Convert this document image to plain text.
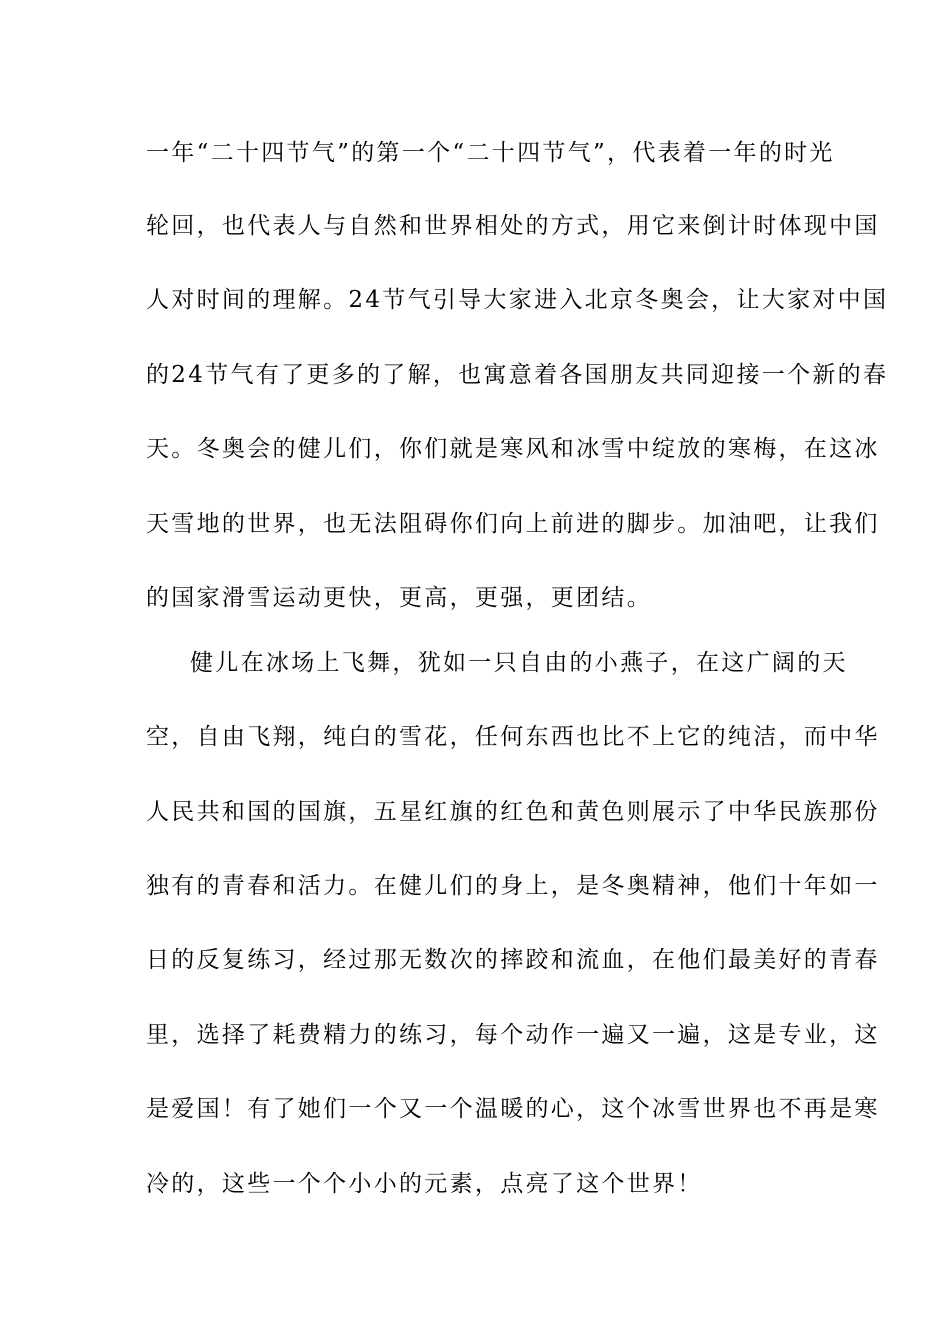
一年“二十四节气”的第一个“二十四节气”，代表着一年的时光
轮回，也代表人与自然和世界相处的方式，用它来倒计时体现中国
人对时间的理解。24节气引导大家进入北京冬奥会，让大家对中国
的24节气有了更多的了解，也寓意着各国朋友共同迎接一个新的春
天。冬奥会的健儿们，你们就是寒风和冰雪中绽放的寒梅，在这冰
天雪地的世界，也无法阻碍你们向上前进的脚步。加油吧，让我们
的国家滑雪运动更快，更高，更强，更团结。
健儿在冰场上飞舞，犹如一只自由的小燕子，在这广阔的天
空，自由飞翔，纯白的雪花，任何东西也比不上它的纯洁，而中华
人民共和国的国旗，五星红旗的红色和黄色则展示了中华民族那份
独有的青春和活力。在健儿们的身上，是冬奥精神，他们十年如一
日的反复练习，经过那无数次的摔跤和流血，在他们最美好的青春
里，选择了耗费精力的练习，每个动作一遍又一遍，这是专业，这
是爱国！有了她们一个又一个温暖的心，这个冰雪世界也不再是寒
冷的，这些一个个小小的元素，点亮了这个世界！
